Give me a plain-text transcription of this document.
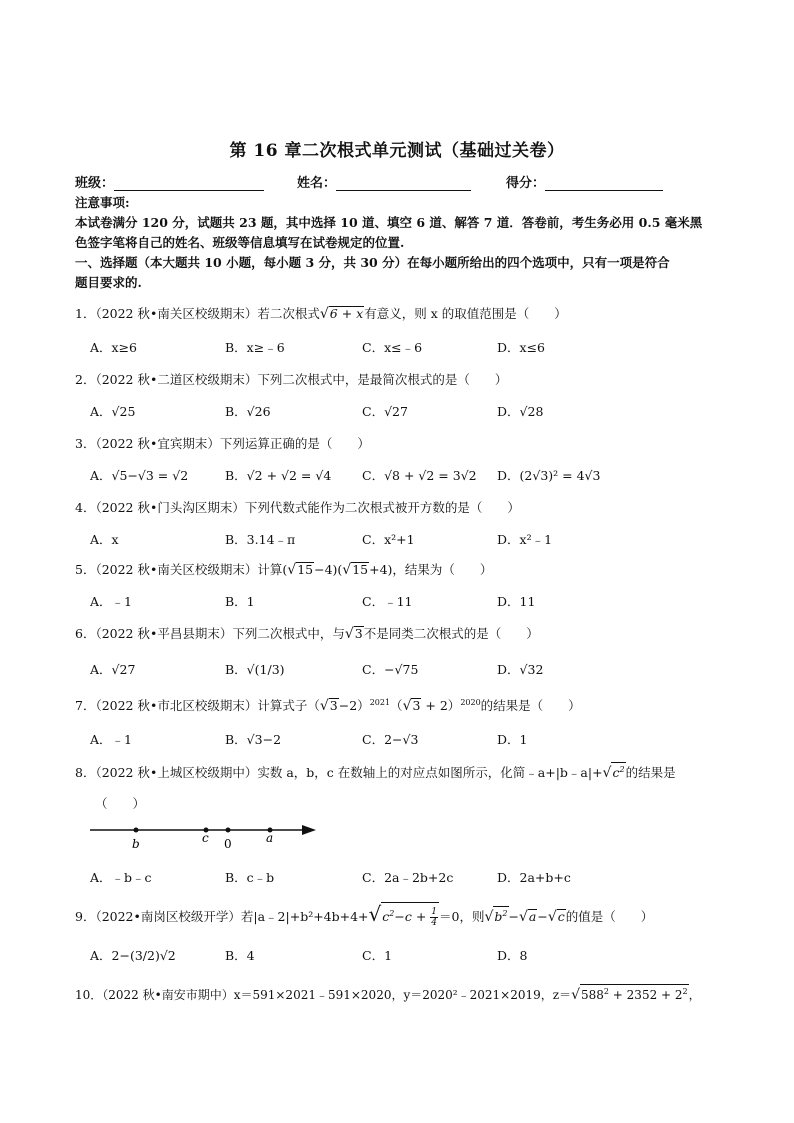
第 16 章二次根式单元测试（基础过关卷）
班级：	姓名：	得分：
注意事项:
本试卷满分 120 分，试题共 23 题，其中选择 10 道、填空 6 道、解答 7 道．答卷前，考生务必用 0.5 毫米黑
色签字笔将自己的姓名、班级等信息填写在试卷规定的位置.
一、选择题（本大题共 10 小题，每小题 3 分，共 30 分）在每小题所给出的四个选项中，只有一项是符合
题目要求的.
1．（2022 秋•南关区校级期末）若二次根式√6 + x有意义，则 x 的取值范围是（　　）
A．x≥6	B．x≥﹣6	C．x≤﹣6	D．x≤6
2．（2022 秋•二道区校级期末）下列二次根式中，是最简次根式的是（　　）
A．√25	B．√26	C．√27	D．√28
3．（2022 秋•宜宾期末）下列运算正确的是（　　）
A．√5−√3 = √2	B．√2 + √2 = √4 C．√8 + √2 = 3√2 D．(2√3)² = 4√3
4．（2022 秋•门头沟区期末）下列代数式能作为二次根式被开方数的是（　　）
A．x	B．3.14﹣π	C．x²+1	D．x²﹣1
5．（2022 秋•南关区校级期末）计算(√15−4)(√15+4)，结果为（　　）
A．﹣1	B．1	C．﹣11	D．11
6．（2022 秋•平昌县期末）下列二次根式中，与√3不是同类二次根式的是（　　）
A．√27	B．√(1/3)	C．−√75	D．√32
7．（2022 秋•市北区校级期末）计算式子$(√3-2)^{2021}(√3 + 2)^{2020}$的结果是（　　）
A．﹣1	B．√3−2	C．2−√3	D．1
8．（2022 秋•上城区校级期中）实数 a，b，c 在数轴上的对应点如图所示，化简$﹣a+|b﹣a|+√c^2$的结果是
（　　）
b	c 0	a
A．﹣b﹣c	B．c﹣b	C．2a﹣2b+2c	D．2a+b+c
9．（2022•南岗区校级开学）若$|a﹣2|+b^2+4b+4+√c^2-c + \frac{1}{4} =0$，则$√b^2-√a-√c$的值是（　　）
A．2−(3/2)√2	B．4	C．1	D．8
10．（2022 秋•南安市期中）x＝591×2021﹣591×2020，y＝2020²﹣2021×2019，$z=√588^2 + 2352 + 2^2$，
